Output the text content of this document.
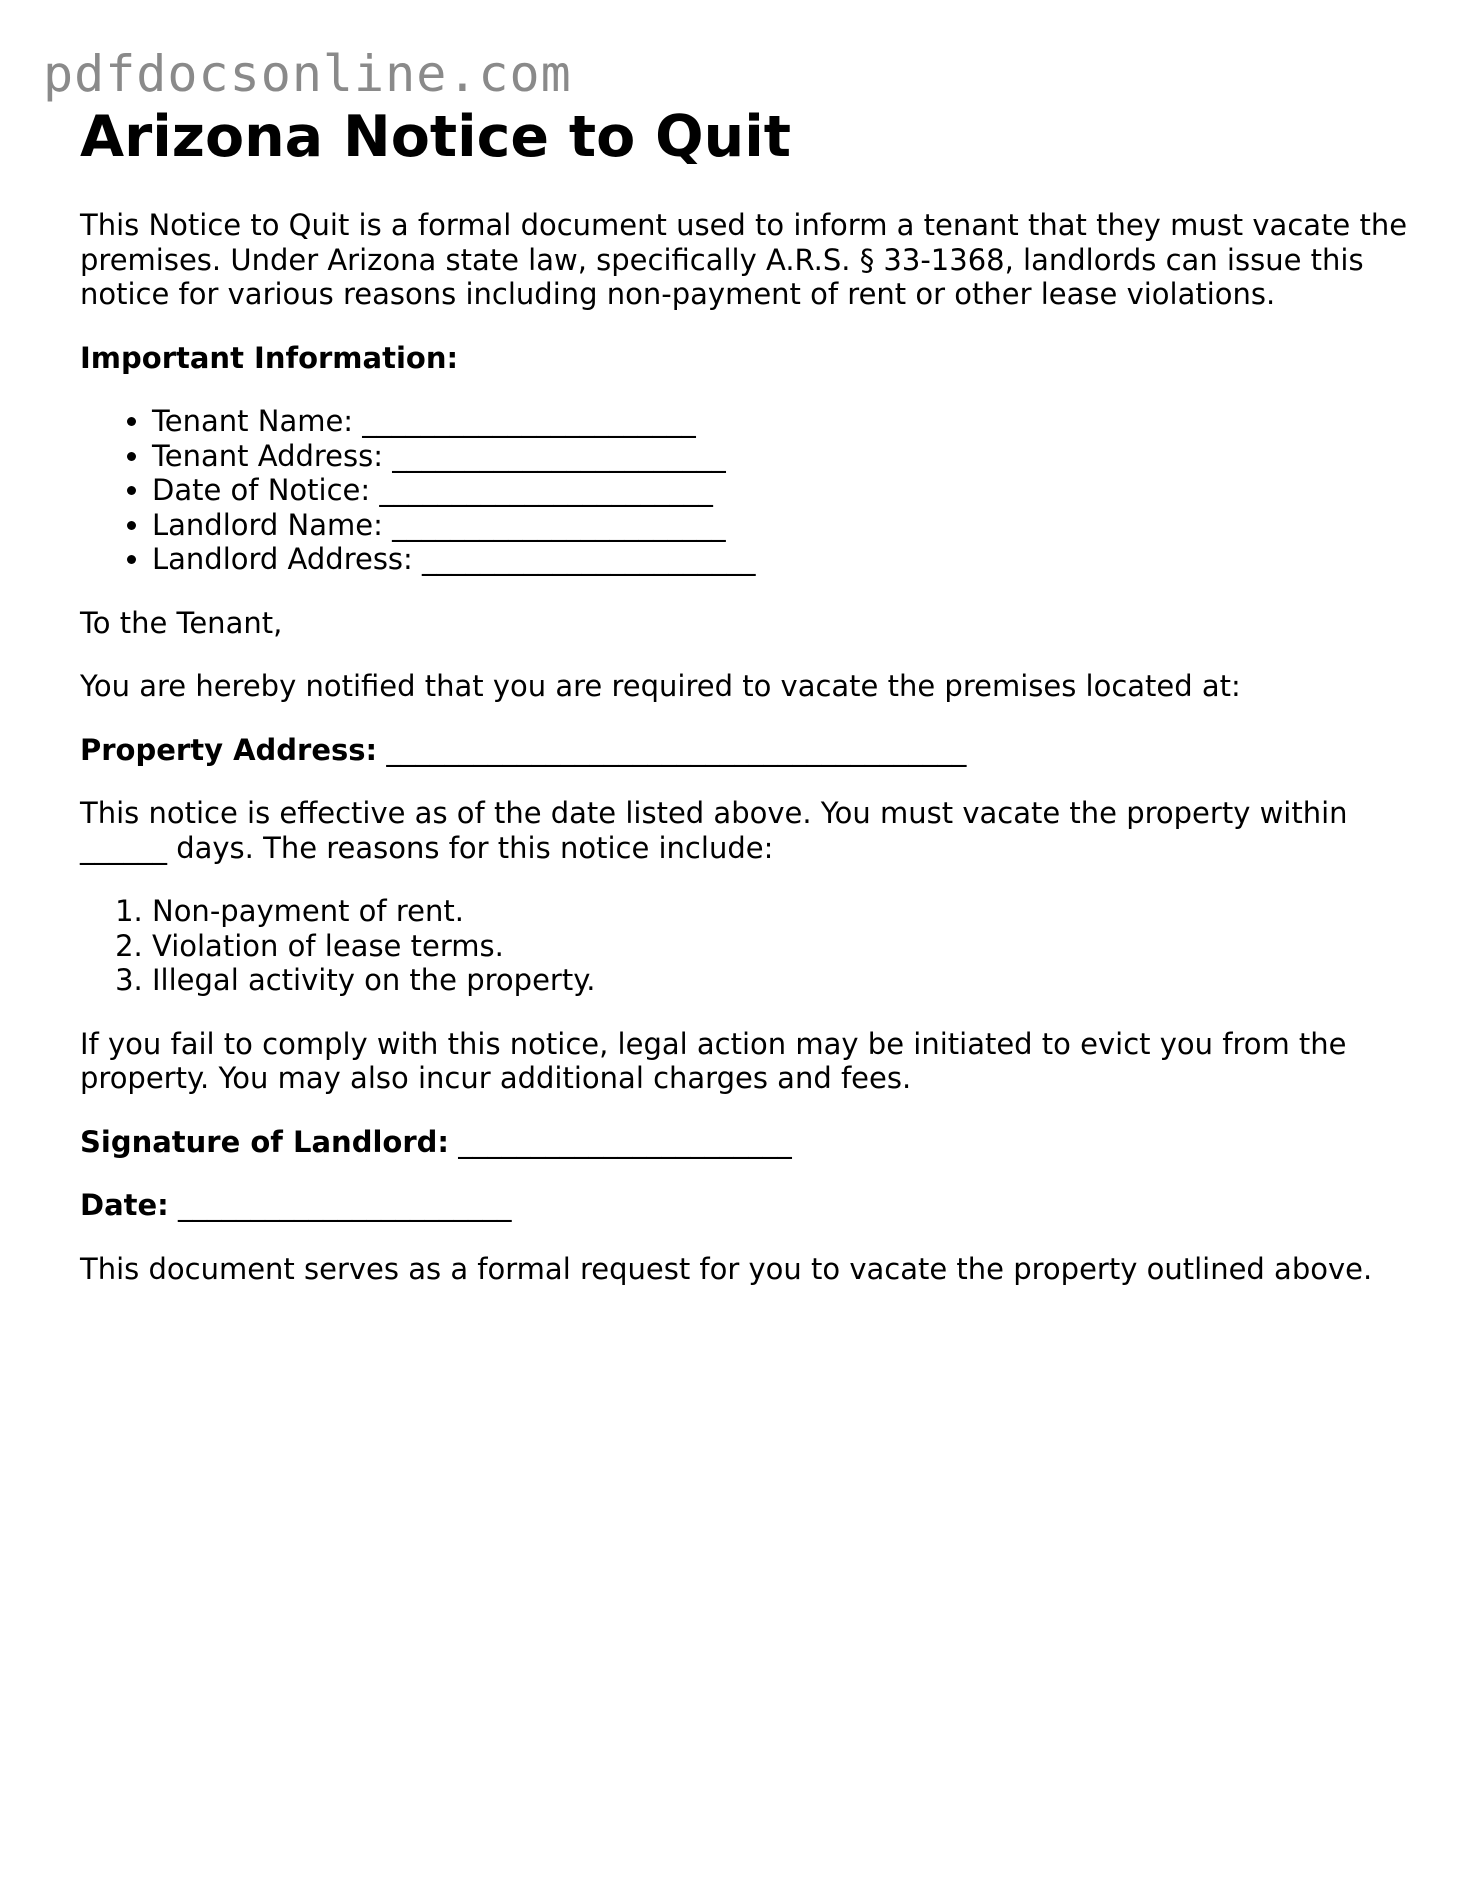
pdfdocsonline.com
Arizona Notice to Quit

This Notice to Quit is a formal document used to inform a tenant that they must vacate the premises. Under Arizona state law, specifically A.R.S. § 33-1368, landlords can issue this notice for various reasons including non-payment of rent or other lease violations.

Important Information:

• Tenant Name: _______________________
• Tenant Address: _______________________
• Date of Notice: _______________________
• Landlord Name: _______________________
• Landlord Address: _______________________

To the Tenant,

You are hereby notified that you are required to vacate the premises located at:

Property Address: ________________________________________

This notice is effective as of the date listed above. You must vacate the property within ______ days. The reasons for this notice include:

1. Non-payment of rent.
2. Violation of lease terms.
3. Illegal activity on the property.

If you fail to comply with this notice, legal action may be initiated to evict you from the property. You may also incur additional charges and fees.

Signature of Landlord: _______________________

Date: _______________________

This document serves as a formal request for you to vacate the property outlined above.
